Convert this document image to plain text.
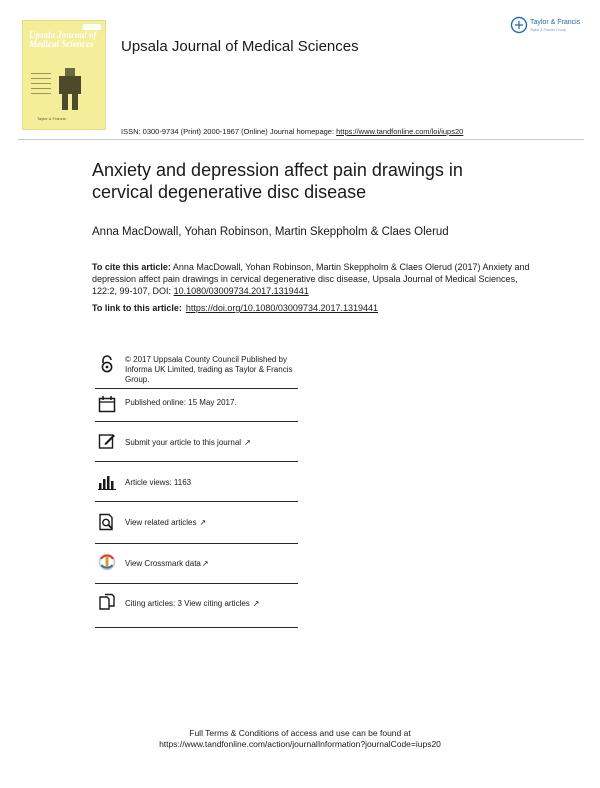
Upsala Journal of Medical Sciences
Taylor & Francis
Upsala Journal of Medical Sciences
Taylor & Francis
Taylor & Francis Group
ISSN: 0300-9734 (Print) 2000-1967 (Online) Journal homepage: https://www.tandfonline.com/loi/iups20
Anxiety and depression affect pain drawings in cervical degenerative disc disease
Anna MacDowall, Yohan Robinson, Martin Skeppholm & Claes Olerud
To cite this article: Anna MacDowall, Yohan Robinson, Martin Skeppholm & Claes Olerud (2017) Anxiety and depression affect pain drawings in cervical degenerative disc disease, Upsala Journal of Medical Sciences, 122:2, 99-107, DOI: 10.1080/03009734.2017.1319441
To link to this article: https://doi.org/10.1080/03009734.2017.1319441
© 2017 Uppsala County Council Published by Informa UK Limited, trading as Taylor & Francis Group.
Published online: 15 May 2017.
Submit your article to this journal ↗
Article views: 1163
View related articles ↗
View Crossmark data↗
Citing articles: 3 View citing articles ↗
Full Terms & Conditions of access and use can be found at
https://www.tandfonline.com/action/journalInformation?journalCode=iups20
